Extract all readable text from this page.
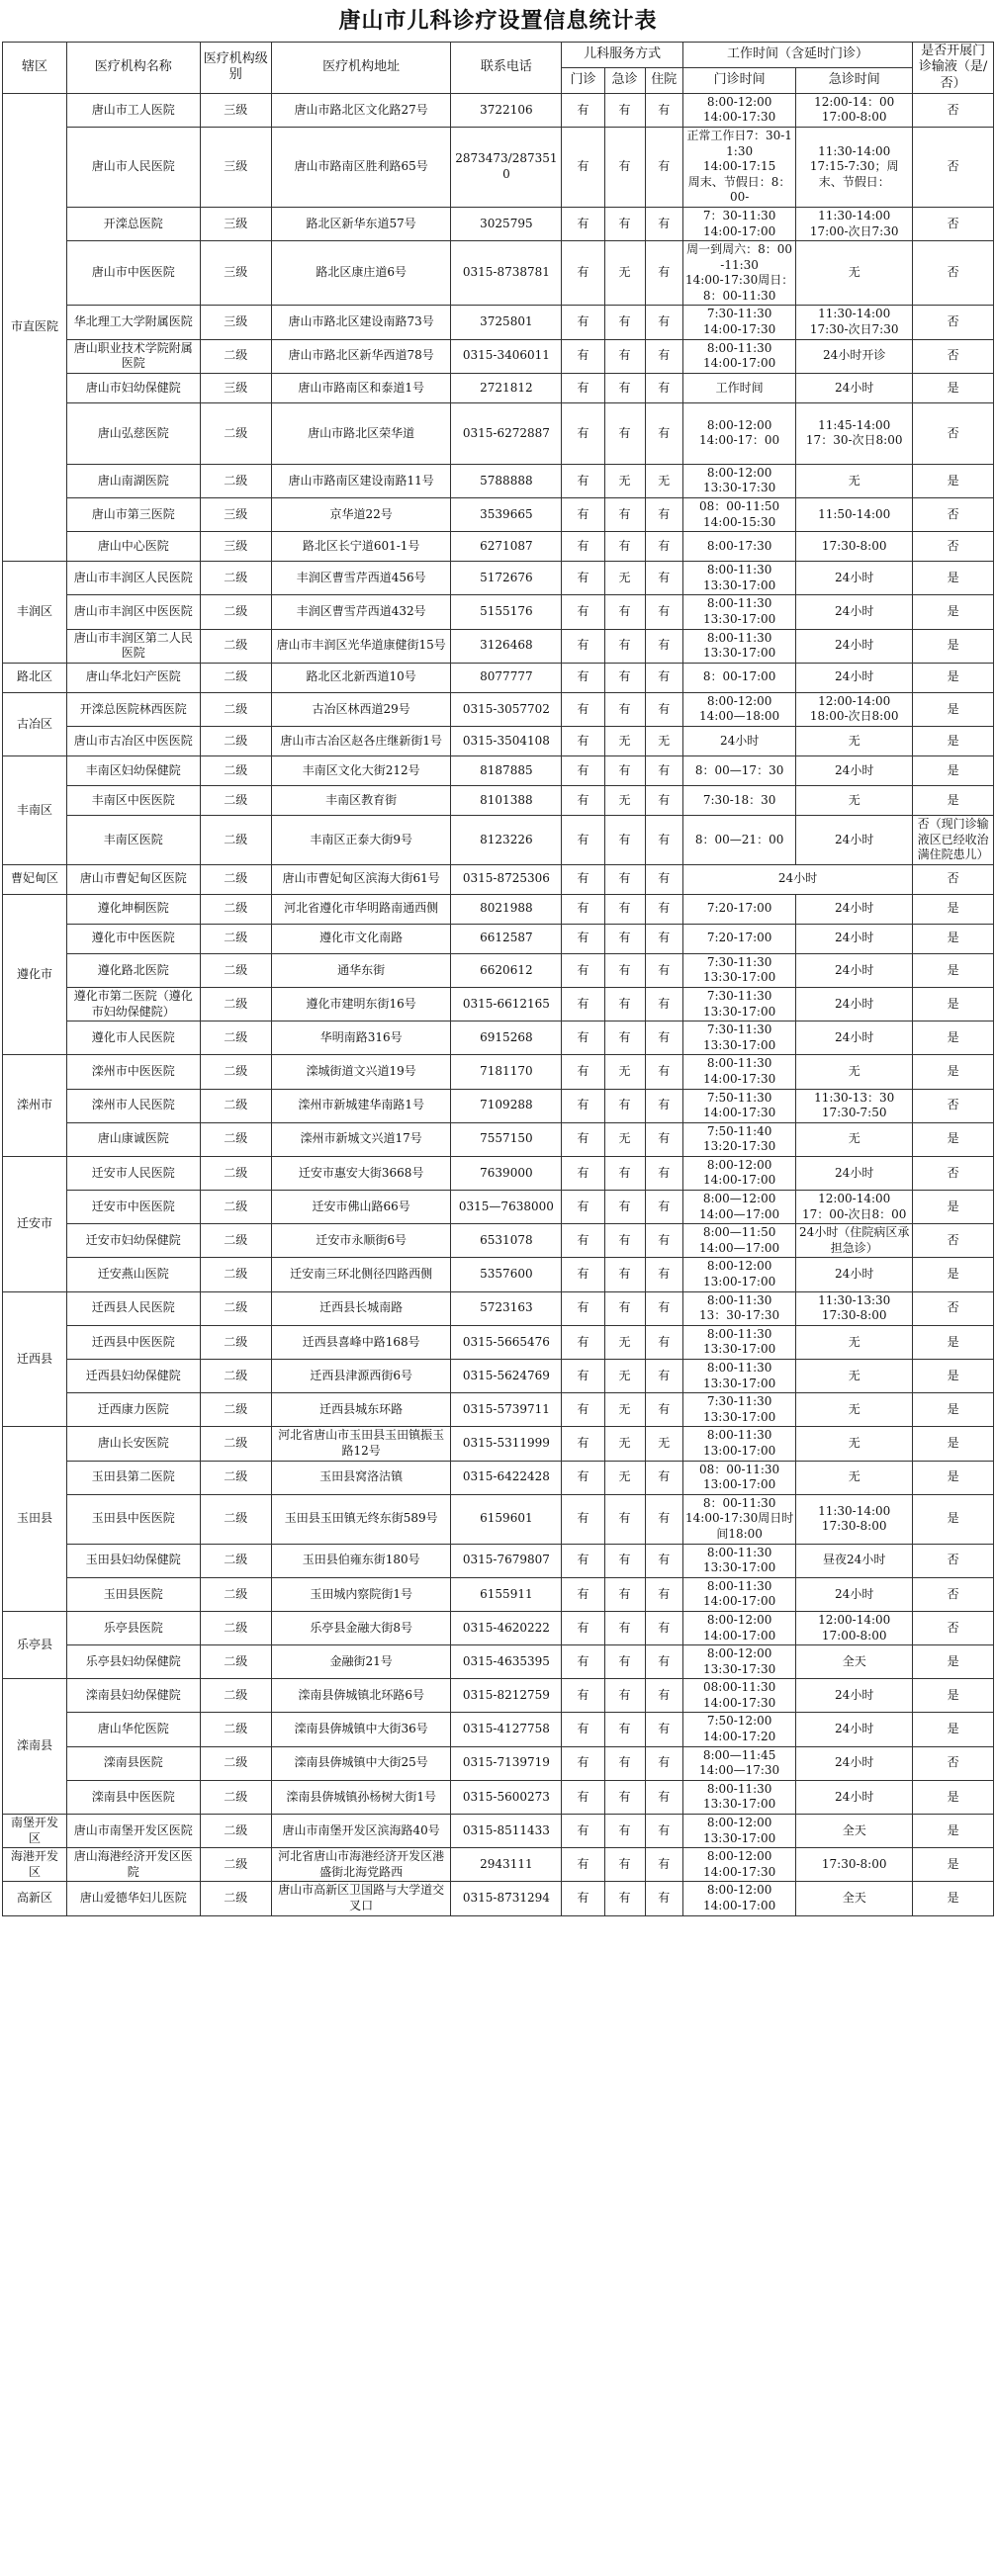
唐山市儿科诊疗设置信息统计表
辖区	医疗机构名称	医疗机构级别	医疗机构地址	联系电话	儿科服务方式			工作时间（含延时门诊）		是否开展门诊输液（是/否）
					门诊	急诊	住院	门诊时间	急诊时间	
市直医院	唐山市工人医院	三级	唐山市路北区文化路27号	3722106	有	有	有	8:00-12:00
14:00-17:30	12:00-14：00
17:00-8:00	否
	唐山市人民医院	三级	唐山市路南区胜利路65号	2873473/2873510	有	有	有	正常工作日7：30-11:30
14:00-17:15
周末、节假日：8：00-	11:30-14:00
17:15-7:30；周末、节假日：	否
	开滦总医院	三级	路北区新华东道57号	3025795	有	有	有	7：30-11:30
14:00-17:00	11:30-14:00
17:00-次日7:30	否
	唐山市中医医院	三级	路北区康庄道6号	0315-8738781	有	无	有	周一到周六：8：00-11:30
14:00-17:30周日：
8：00-11:30	无	否
	华北理工大学附属医院	三级	唐山市路北区建设南路73号	3725801	有	有	有	7:30-11:30
14:00-17:30	11:30-14:00
17:30-次日7:30	否
	唐山职业技术学院附属医院	二级	唐山市路北区新华西道78号	0315-3406011	有	有	有	8:00-11:30
14:00-17:00	24小时开诊	否
	唐山市妇幼保健院	三级	唐山市路南区和泰道1号	2721812	有	有	有	工作时间	24小时	是
	唐山弘慈医院	二级	唐山市路北区荣华道	0315-6272887	有	有	有	8:00-12:00
14:00-17：00	11:45-14:00
17：30-次日8:00	否
	唐山南湖医院	二级	唐山市路南区建设南路11号	5788888	有	无	无	8:00-12:00
13:30-17:30	无	是
	唐山市第三医院	三级	京华道22号	3539665	有	有	有	08：00-11:50
14:00-15:30	11:50-14:00	否
	唐山中心医院	三级	路北区长宁道601-1号	6271087	有	有	有	8:00-17:30	17:30-8:00	否
丰润区	唐山市丰润区人民医院	二级	丰润区曹雪芹西道456号	5172676	有	无	有	8:00-11:30
13:30-17:00	24小时	是
	唐山市丰润区中医医院	二级	丰润区曹雪芹西道432号	5155176	有	有	有	8:00-11:30
13:30-17:00	24小时	是
	唐山市丰润区第二人民医院	二级	唐山市丰润区光华道康健街15号	3126468	有	有	有	8:00-11:30
13:30-17:00	24小时	是
路北区	唐山华北妇产医院	二级	路北区北新西道10号	8077777	有	有	有	8：00-17:00	24小时	是
古冶区	开滦总医院林西医院	二级	古冶区林西道29号	0315-3057702	有	有	有	8:00-12:00
14:00—18:00	12:00-14:00
18:00-次日8:00	是
	唐山市古冶区中医医院	二级	唐山市古冶区赵各庄继新街1号	0315-3504108	有	无	无	24小时	无	是
丰南区	丰南区妇幼保健院	二级	丰南区文化大街212号	8187885	有	有	有	8：00—17：30	24小时	是
	丰南区中医医院	二级	丰南区教育街	8101388	有	无	有	7:30-18：30	无	是
	丰南区医院	二级	丰南区正泰大街9号	8123226	有	有	有	8：00—21：00	24小时	否（现门诊输液区已经收治满住院患儿）
曹妃甸区	唐山市曹妃甸区医院	二级	唐山市曹妃甸区滨海大街61号	0315-8725306	有	有	有	24小时		否
遵化市	遵化坤桐医院	二级	河北省遵化市华明路南通西侧	8021988	有	有	有	7:20-17:00	24小时	是
	遵化市中医医院	二级	遵化市文化南路	6612587	有	有	有	7:20-17:00	24小时	是
	遵化路北医院	二级	通华东街	6620612	有	有	有	7:30-11:30
13:30-17:00	24小时	是
	遵化市第二医院（遵化市妇幼保健院）	二级	遵化市建明东街16号	0315-6612165	有	有	有	7:30-11:30
13:30-17:00	24小时	是
	遵化市人民医院	二级	华明南路316号	6915268	有	有	有	7:30-11:30
13:30-17:00	24小时	是
滦州市	滦州市中医医院	二级	滦城街道文兴道19号	7181170	有	无	有	8:00-11:30
14:00-17:30	无	是
	滦州市人民医院	二级	滦州市新城建华南路1号	7109288	有	有	有	7:50-11:30
14:00-17:30	11:30-13：30
17:30-7:50	否
	唐山康诚医院	二级	滦州市新城文兴道17号	7557150	有	无	有	7:50-11:40
13:20-17:30	无	是
迁安市	迁安市人民医院	二级	迁安市惠安大街3668号	7639000	有	有	有	8:00-12:00
14:00-17:00	24小时	否
	迁安市中医医院	二级	迁安市佛山路66号	0315—7638000	有	有	有	8:00—12:00
14:00—17:00	12:00-14:00
17：00-次日8：00	是
	迁安市妇幼保健院	二级	迁安市永顺街6号	6531078	有	有	有	8:00—11:50
14:00—17:00	24小时（住院病区承担急诊）	否
	迁安燕山医院	二级	迁安南三环北侧径四路西侧	5357600	有	有	有	8:00-12:00
13:00-17:00	24小时	是
迁西县	迁西县人民医院	二级	迁西县长城南路	5723163	有	有	有	8:00-11:30
13：30-17:30	11:30-13:30
17:30-8:00	否
	迁西县中医医院	二级	迁西县喜峰中路168号	0315-5665476	有	无	有	8:00-11:30
13:30-17:00	无	是
	迁西县妇幼保健院	二级	迁西县津源西街6号	0315-5624769	有	无	有	8:00-11:30
13:30-17:00	无	是
	迁西康力医院	二级	迁西县城东环路	0315-5739711	有	无	有	7:30-11:30
13:30-17:00	无	是
玉田县	唐山长安医院	二级	河北省唐山市玉田县玉田镇振玉路12号	0315-5311999	有	无	无	8:00-11:30
13:00-17:00	无	是
	玉田县第二医院	二级	玉田县窝洛沽镇	0315-6422428	有	无	有	08：00-11:30
13:00-17:00	无	是
	玉田县中医医院	二级	玉田县玉田镇无终东街589号	6159601	有	有	有	8：00-11:30
14:00-17:30周日时间18:00	11:30-14:00
17:30-8:00	是
	玉田县妇幼保健院	二级	玉田县伯雍东街180号	0315-7679807	有	有	有	8:00-11:30
13:30-17:00	昼夜24小时	否
	玉田县医院	二级	玉田城内察院街1号	6155911	有	有	有	8:00-11:30
14:00-17:00	24小时	否
乐亭县	乐亭县医院	二级	乐亭县金融大街8号	0315-4620222	有	有	有	8:00-12:00
14:00-17:00	12:00-14:00
17:00-8:00	否
	乐亭县妇幼保健院	二级	金融街21号	0315-4635395	有	有	有	8:00-12:00
13:30-17:30	全天	是
滦南县	滦南县妇幼保健院	二级	滦南县倴城镇北环路6号	0315-8212759	有	有	有	08:00-11:30
14:00-17:30	24小时	是
	唐山华佗医院	二级	滦南县倴城镇中大街36号	0315-4127758	有	有	有	7:50-12:00
14:00-17:20	24小时	是
	滦南县医院	二级	滦南县倴城镇中大街25号	0315-7139719	有	有	有	8:00—11:45
14:00—17:30	24小时	否
	滦南县中医医院	二级	滦南县倴城镇孙杨树大街1号	0315-5600273	有	有	有	8:00-11:30
13:30-17:00	24小时	是
南堡开发区	唐山市南堡开发区医院	二级	唐山市南堡开发区滨海路40号	0315-8511433	有	有	有	8:00-12:00
13:30-17:00	全天	是
海港开发区	唐山海港经济开发区医院	二级	河北省唐山市海港经济开发区港盛街北海党路西	2943111	有	有	有	8:00-12:00
14:00-17:30	17:30-8:00	是
高新区	唐山爱德华妇儿医院	二级	唐山市高新区卫国路与大学道交叉口	0315-8731294	有	有	有	8:00-12:00
14:00-17:00	全天	是
